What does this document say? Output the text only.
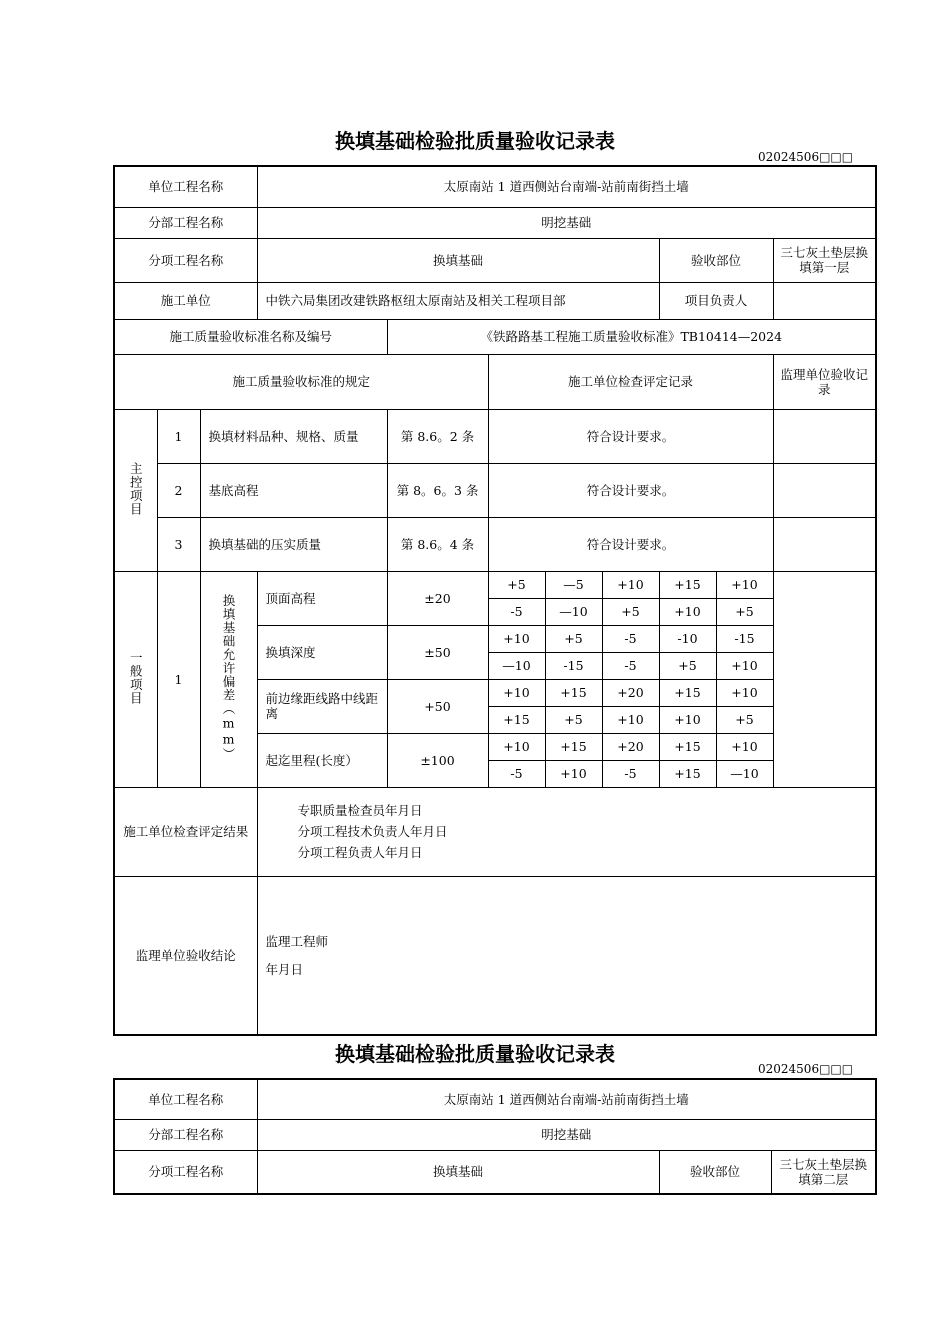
换填基础检验批质量验收记录表
02024506□□□
单位工程名称			太原南站 1 道西侧站台南端-站前南街挡土墙							
分部工程名称			明挖基础							
分项工程名称			换填基础					验收部位		三七灰土垫层换填第一层
施工单位			中铁六局集团改建铁路枢纽太原南站及相关工程项目部					项目负责人		
施工质量验收标准名称及编号				《铁路路基工程施工质量验收标准》TB10414—2024						
施工质量验收标准的规定					施工单位检查评定记录					监理单位验收记录
主控项目	1	换填材料品种、规格、质量		第 8.6。2 条	符合设计要求。					
	2	基底高程		第 8。6。3 条	符合设计要求。					
	3	换填基础的压实质量		第 8.6。4 条	符合设计要求。					
一般项目	1	换填基础允许偏差（mm）	顶面高程	±20	+5	—5	+10	+15	+10	
					-5	—10	+5	+10	+5	
			换填深度	±50	+10	+5	-5	-10	-15	
					—10	-15	-5	+5	+10	
			前边缘距线路中线距离	+50	+10	+15	+20	+15	+10	
					+15	+5	+10	+10	+5	
			起迄里程(长度）	±100	+10	+15	+20	+15	+10	
					-5	+10	-5	+15	—10	
施工单位检查评定结果			专职质量检查员年月日
分项工程技术负责人年月日
分项工程负责人年月日							

监理单位验收结论			监理工程师
年月日							
换填基础检验批质量验收记录表
02024506□□□
单位工程名称	太原南站 1 道西侧站台南端-站前南街挡土墙		
分部工程名称	明挖基础		
分项工程名称	换填基础	验收部位	三七灰土垫层换填第二层
